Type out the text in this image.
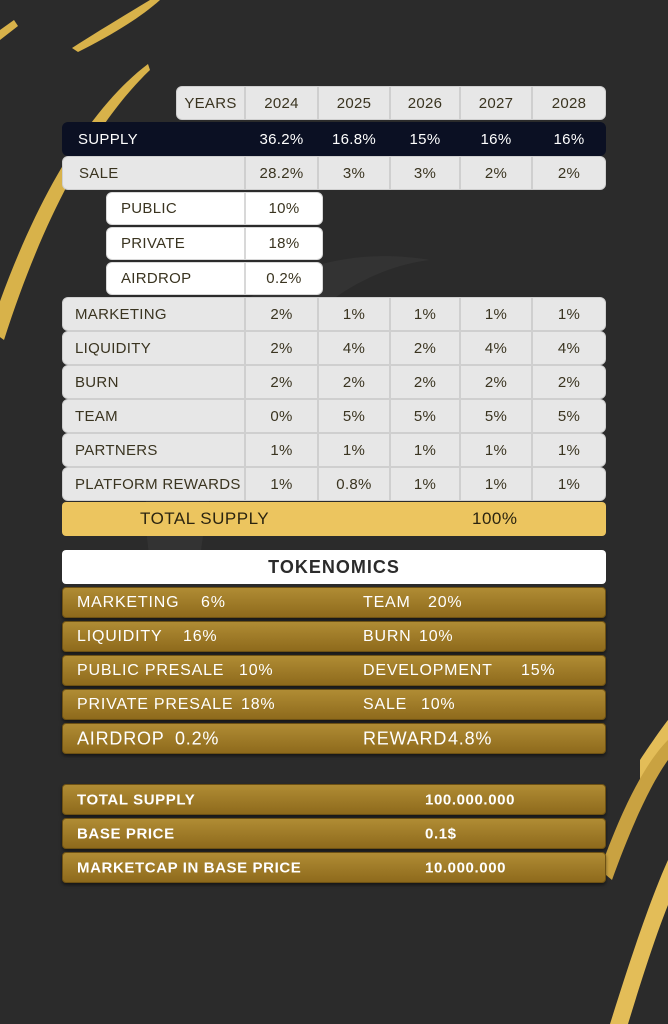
YEARS	2024	2025	2026	2027	2028
SUPPLY	36.2%	16.8%	15%	16%	16%
SALE	28.2%	3%	3%	2%	2%
PUBLIC	10%
PRIVATE	18%
AIRDROP	0.2%
MARKETING	2%	1%	1%	1%	1%
LIQUIDITY	2%	4%	2%	4%	4%
BURN	2%	2%	2%	2%	2%
TEAM	0%	5%	5%	5%	5%
PARTNERS	1%	1%	1%	1%	1%
PLATFORM REWARDS	1%	0.8%	1%	1%	1%
TOTAL SUPPLY	100%
TOKENOMICS
MARKETING 6%	TEAM 20%
LIQUIDITY 16%	BURN 10%
PUBLIC PRESALE 10%	DEVELOPMENT 15%
PRIVATE PRESALE 18%	SALE 10%
AIRDROP 0.2%	REWARD 4.8%
TOTAL SUPPLY	100.000.000
BASE PRICE	0.1$
MARKETCAP IN BASE PRICE	10.000.000
